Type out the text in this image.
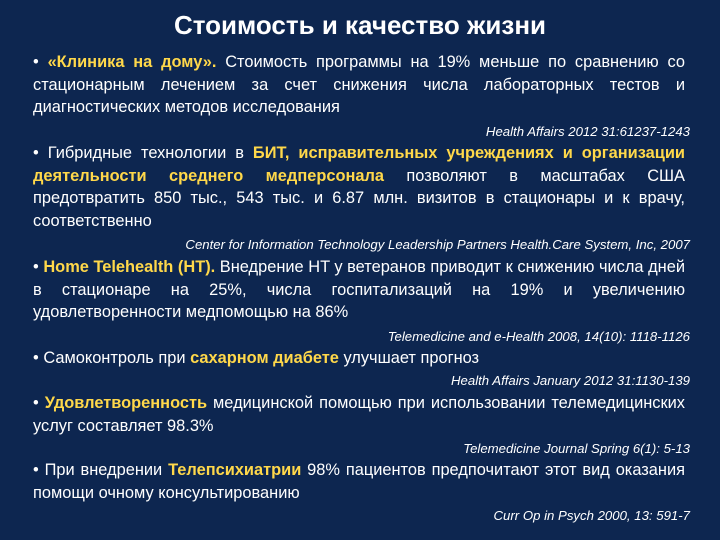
Стоимость и качество жизни
• «Клиника на дому». Стоимость программы на 19% меньше по сравнению со стационарным лечением за счет снижения числа лабораторных тестов и диагностических методов исследования
Health Affairs 2012 31:61237-1243
• Гибридные технологии в БИТ, исправительных учреждениях и организации деятельности среднего медперсонала позволяют в масштабах США предотвратить 850 тыс., 543 тыс. и 6.87 млн. визитов в стационары и к врачу, соответственно
Center for Information Technology Leadership Partners Health.Care System, Inc, 2007
• Home Telehealth (HT). Внедрение HT у ветеранов приводит к снижению числа дней в стационаре на 25%, числа госпитализаций на 19% и увеличению удовлетворенности медпомощью на 86%
Telemedicine and e-Health 2008, 14(10): 1118-1126
• Самоконтроль при сахарном диабете улучшает прогноз
Health Affairs January 2012 31:1130-139
• Удовлетворенность медицинской помощью при использовании телемедицинских услуг составляет 98.3%
Telemedicine Journal Spring 6(1): 5-13
• При внедрении Телепсихиатрии 98% пациентов предпочитают этот вид оказания помощи очному консультированию
Curr Op in Psych 2000, 13: 591-7
